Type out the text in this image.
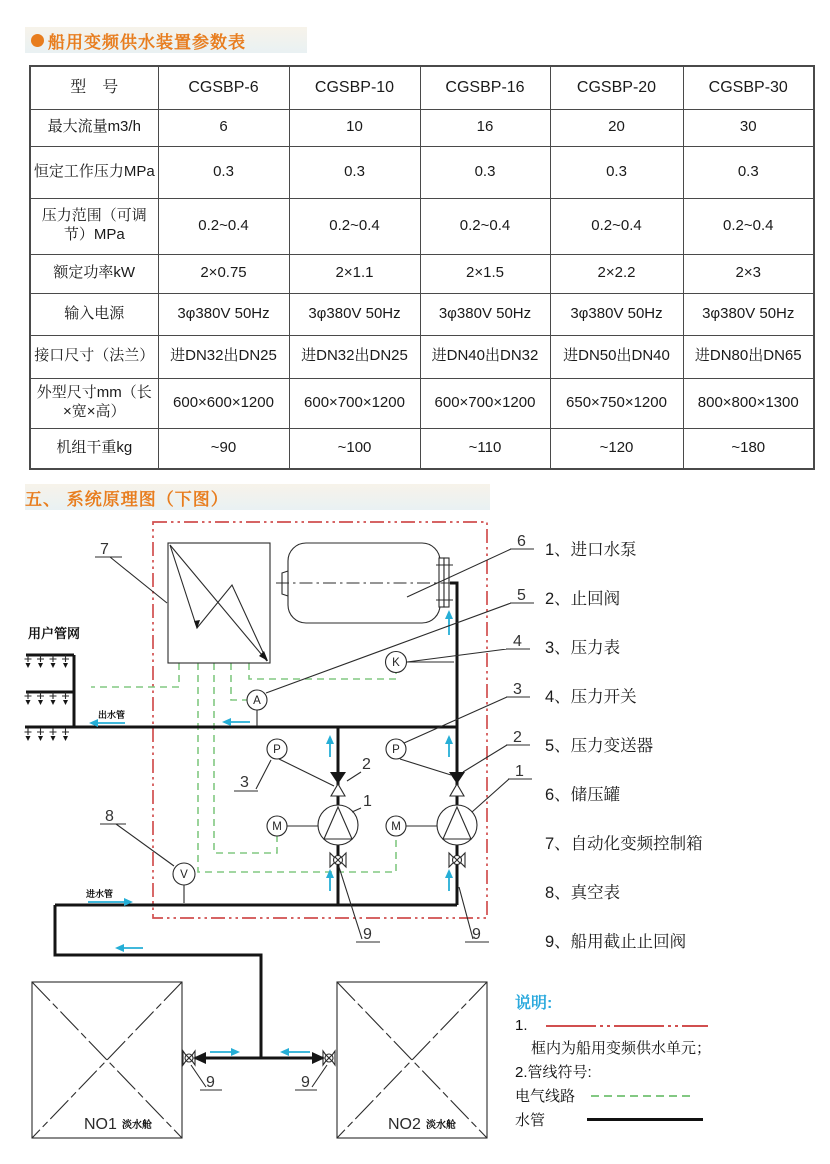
船用变频供水装置参数表
型　号	CGSBP-6	CGSBP-10	CGSBP-16	CGSBP-20	CGSBP-30
最大流量m3/h	6	10	16	20	30
恒定工作压力MPa	0.3	0.3	0.3	0.3	0.3
压力范围（可调节）MPa	0.2~0.4	0.2~0.4	0.2~0.4	0.2~0.4	0.2~0.4
额定功率kW	2×0.75	2×1.1	2×1.5	2×2.2	2×3
输入电源	3φ380V 50Hz	3φ380V 50Hz	3φ380V 50Hz	3φ380V 50Hz	3φ380V 50Hz
接口尺寸（法兰）	进DN32出DN25	进DN32出DN25	进DN40出DN32	进DN50出DN40	进DN80出DN65
外型尺寸mm（长×宽×高）	600×600×1200	600×700×1200	600×700×1200	650×750×1200	800×800×1300
机组干重kg	~90	~100	~110	~120	~180
五、 系统原理图（下图）
M	M
P	P
K
A
V
7
8
3
2
1
9	9
9	9
6
5
4
3
2
1
1、进口水泵
2、止回阀
3、压力表
4、压力开关
5、压力变送器
6、储压罐
7、自动化变频控制箱
8、真空表
9、船用截止止回阀
用户管网
出水管
进水管
NO1 淡水舱	NO2 淡水舱
说明:
1.
框内为船用变频供水单元；
2.管线符号:
电气线路
水管
